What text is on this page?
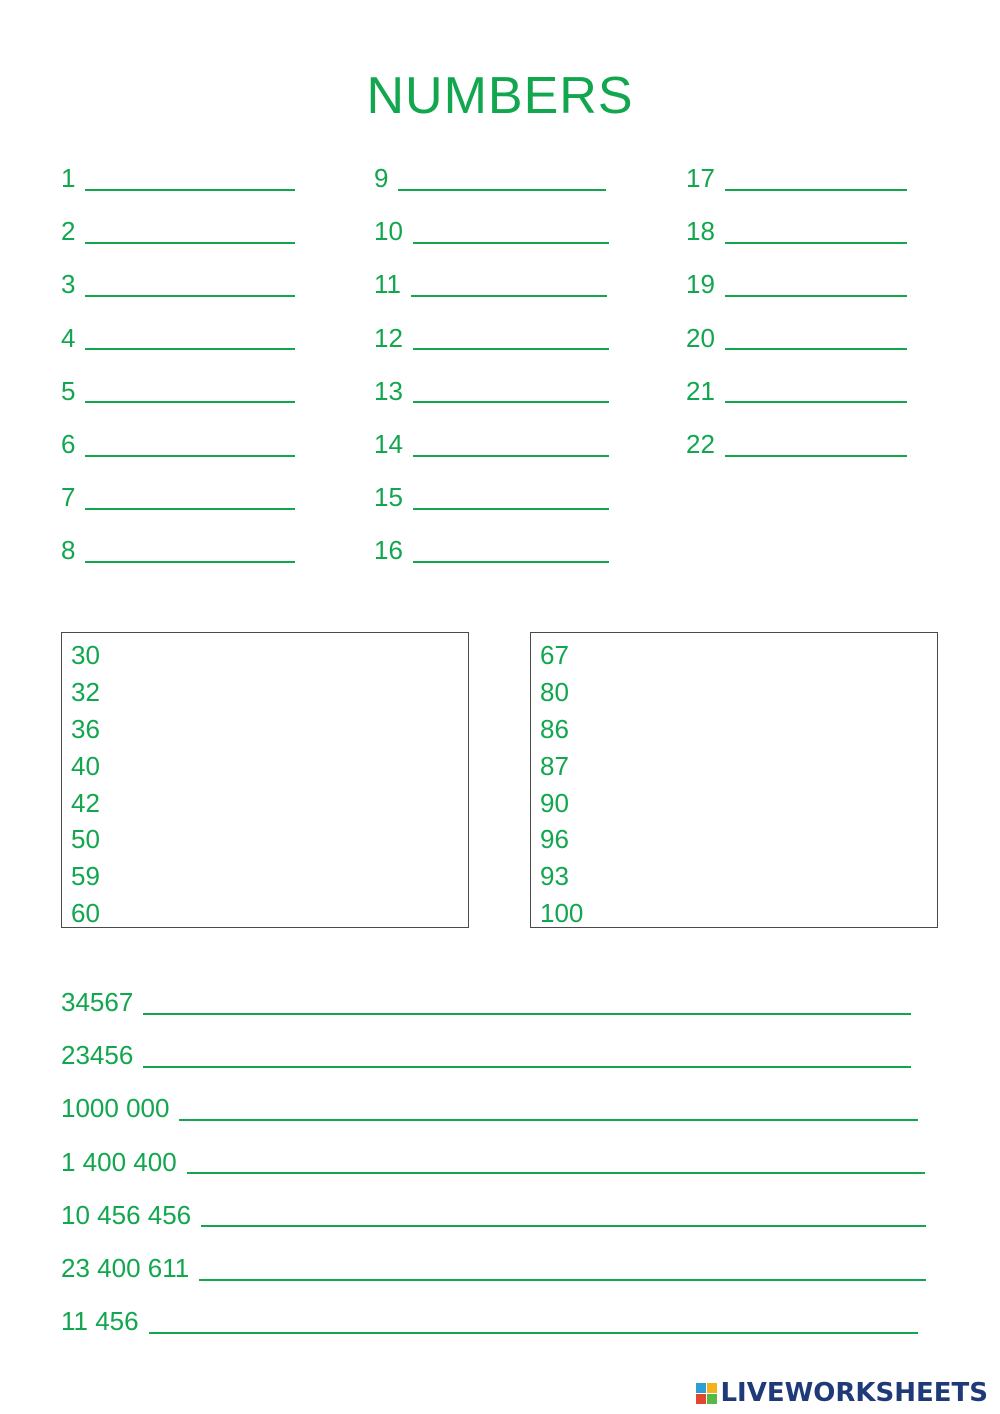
NUMBERS
1
2
3
4
5
6
7
8
9
10
11
12
13
14
15
16
17
18
19
20
21
22
30
32
36
40
42
50
59
60
67
80
86
87
90
96
93
100
34567
23456
1000 000
1 400 400
10 456 456
23 400 611
11 456
LIVEWORKSHEETS
